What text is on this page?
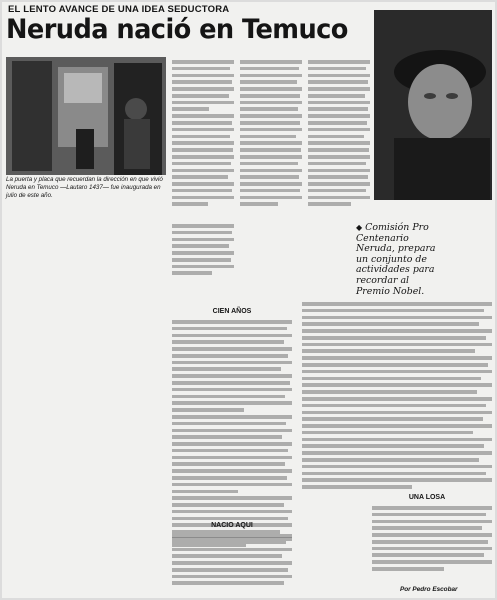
EL LENTO AVANCE DE UNA IDEA SEDUCTORA
Neruda nació en Temuco
La puerta y placa que recuerdan la dirección en que vivió Neruda en Temuco —Lautaro 1437— fue inaugurada en julio de este año.
CIEN AÑOS
NACIO AQUI
◆ Comisión Pro Centenario Neruda, prepara un conjunto de actividades para recordar al Premio Nobel.
UNA LOSA
Por Pedro Escobar
